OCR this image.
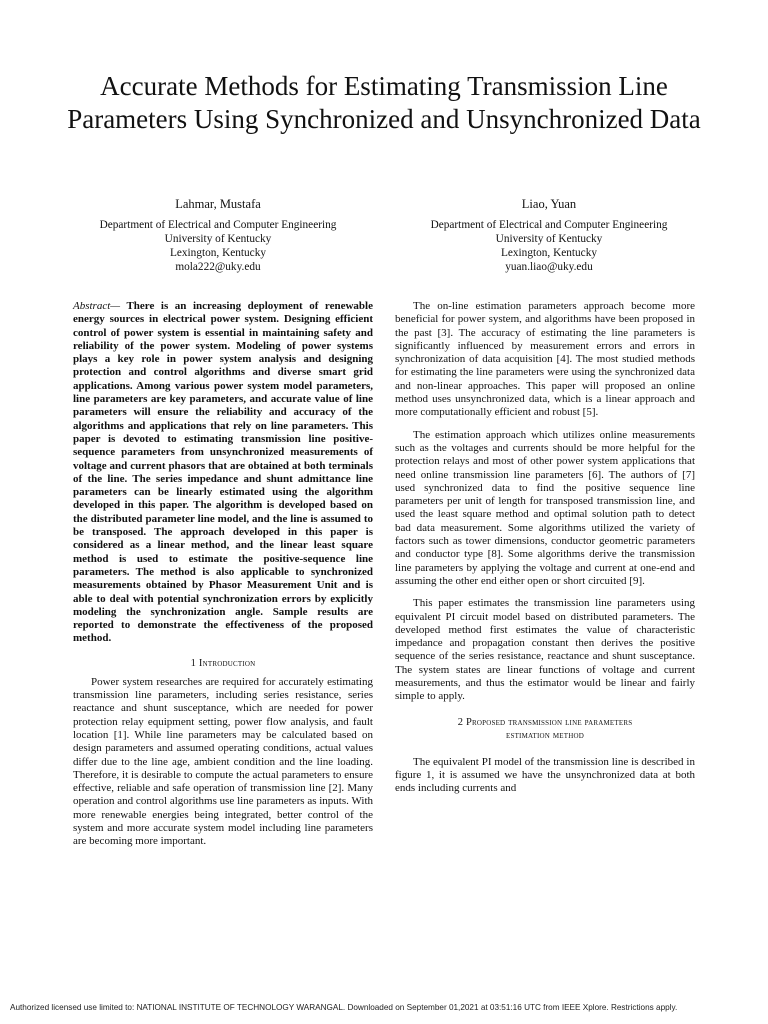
Accurate Methods for Estimating Transmission Line Parameters Using Synchronized and Unsynchronized Data
Lahmar, Mustafa
Department of Electrical and Computer Engineering
University of Kentucky
Lexington, Kentucky
mola222@uky.edu
Liao, Yuan
Department of Electrical and Computer Engineering
University of Kentucky
Lexington, Kentucky
yuan.liao@uky.edu

Abstract— There is an increasing deployment of renewable energy sources in electrical power system. Designing efficient control of power system is essential in maintaining safety and reliability of the power system. Modeling of power systems plays a key role in power system analysis and designing protection and control algorithms and diverse smart grid applications. Among various power system model parameters, line parameters are key parameters, and accurate value of line parameters will ensure the reliability and accuracy of the algorithms and applications that rely on line parameters. This paper is devoted to estimating transmission line positive-sequence parameters from unsynchronized measurements of voltage and current phasors that are obtained at both terminals of the line. The series impedance and shunt admittance line parameters can be linearly estimated using the algorithm developed in this paper. The algorithm is developed based on the distributed parameter line model, and the line is assumed to be transposed. The approach developed in this paper is considered as a linear method, and the linear least square method is used to estimate the positive-sequence line parameters. The method is also applicable to synchronized measurements obtained by Phasor Measurement Unit and is able to deal with potential synchronization errors by explicitly modeling the synchronization angle. Sample results are reported to demonstrate the effectiveness of the proposed method.

1 Introduction

Power system researches are required for accurately estimating transmission line parameters, including series resistance, series reactance and shunt susceptance, which are needed for power protection relay equipment setting, power flow analysis, and fault location [1]. While line parameters may be calculated based on design parameters and assumed operating conditions, actual values differ due to the line age, ambient condition and the line loading. Therefore, it is desirable to compute the actual parameters to ensure effective, reliable and safe operation of transmission line [2]. Many operation and control algorithms use line parameters as inputs. With more renewable energies being integrated, better control of the system and more accurate system model including line parameters are becoming more important.

The on-line estimation parameters approach become more beneficial for power system, and algorithms have been proposed in the past [3]. The accuracy of estimating the line parameters is significantly influenced by measurement errors and errors in synchronization of data acquisition [4]. The most studied methods for estimating the line parameters were using the synchronized data and non-linear approaches. This paper will proposed an online method uses unsynchronized data, which is a linear approach and more computationally efficient and robust [5].

The estimation approach which utilizes online measurements such as the voltages and currents should be more helpful for the protection relays and most of other power system applications that need online transmission line parameters [6]. The authors of [7] used synchronized data to find the positive sequence line parameters per unit of length for transposed transmission line, and used the least square method and optimal solution path to detect bad data measurement. Some algorithms utilized the variety of factors such as tower dimensions, conductor geometric parameters and conductor type [8]. Some algorithms derive the transmission line parameters by applying the voltage and current at one-end and assuming the other end either open or short circuited [9].

This paper estimates the transmission line parameters using equivalent PI circuit model based on distributed parameters. The developed method first estimates the value of characteristic impedance and propagation constant then derives the positive sequence of the series resistance, reactance and shunt susceptance. The system states are linear functions of voltage and current measurements, and thus the estimator would be linear and fairly simple to apply.

2 Proposed transmission line parameters
estimation method

The equivalent PI model of the transmission line is described in figure 1, it is assumed we have the unsynchronized data at both ends including currents and

Authorized licensed use limited to: NATIONAL INSTITUTE OF TECHNOLOGY WARANGAL. Downloaded on September 01,2021 at 03:51:16 UTC from IEEE Xplore. Restrictions apply.
